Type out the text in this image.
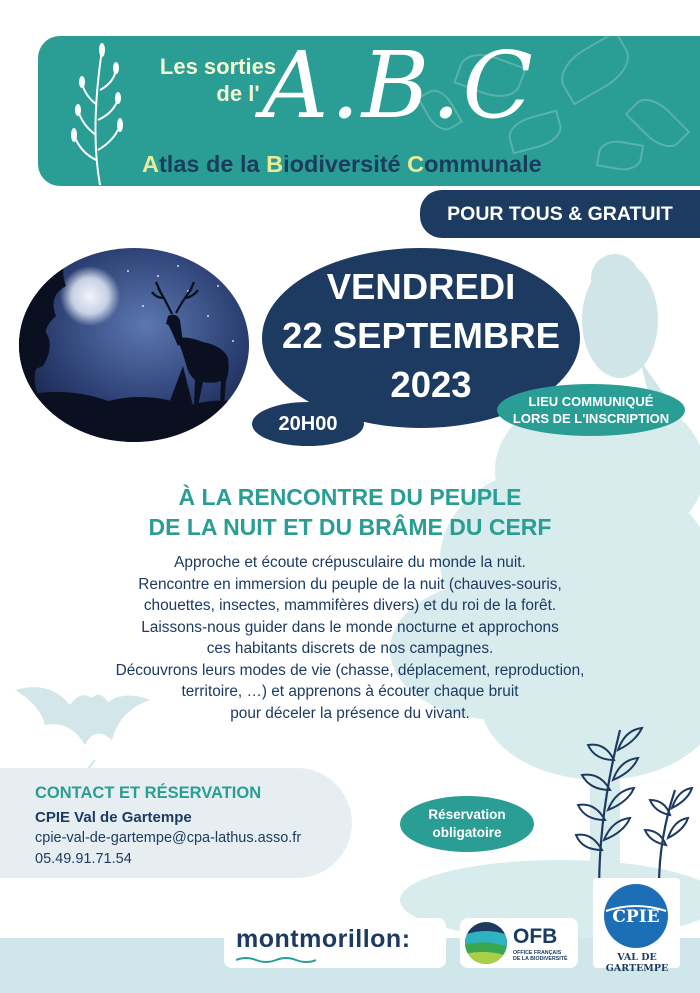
Les sorties
de l' A.B.C
Atlas de la Biodiversité Communale
POUR TOUS & GRATUIT
VENDREDI
22 SEPTEMBRE
2023
20H00
LIEU COMMUNIQUÉ
LORS DE L'INSCRIPTION
À LA RENCONTRE DU PEUPLE
DE LA NUIT ET DU BRÂME DU CERF
Approche et écoute crépusculaire du monde la nuit.
Rencontre en immersion du peuple de la nuit (chauves-souris,
chouettes, insectes, mammifères divers) et du roi de la forêt.
Laissons-nous guider dans le monde nocturne et approchons
ces habitants discrets de nos campagnes.
Découvrons leurs modes de vie (chasse, déplacement, reproduction,
territoire, …) et apprenons à écouter chaque bruit
pour déceler la présence du vivant.
CONTACT ET RÉSERVATION
CPIE Val de Gartempe
cpie-val-de-gartempe@cpa-lathus.asso.fr
05.49.91.71.54
Réservation
obligatoire
montmorillon:	OFB
OFFICE FRANÇAIS
DE LA BIODIVERSITÉ
CPIE
VAL DE GARTEMPE
